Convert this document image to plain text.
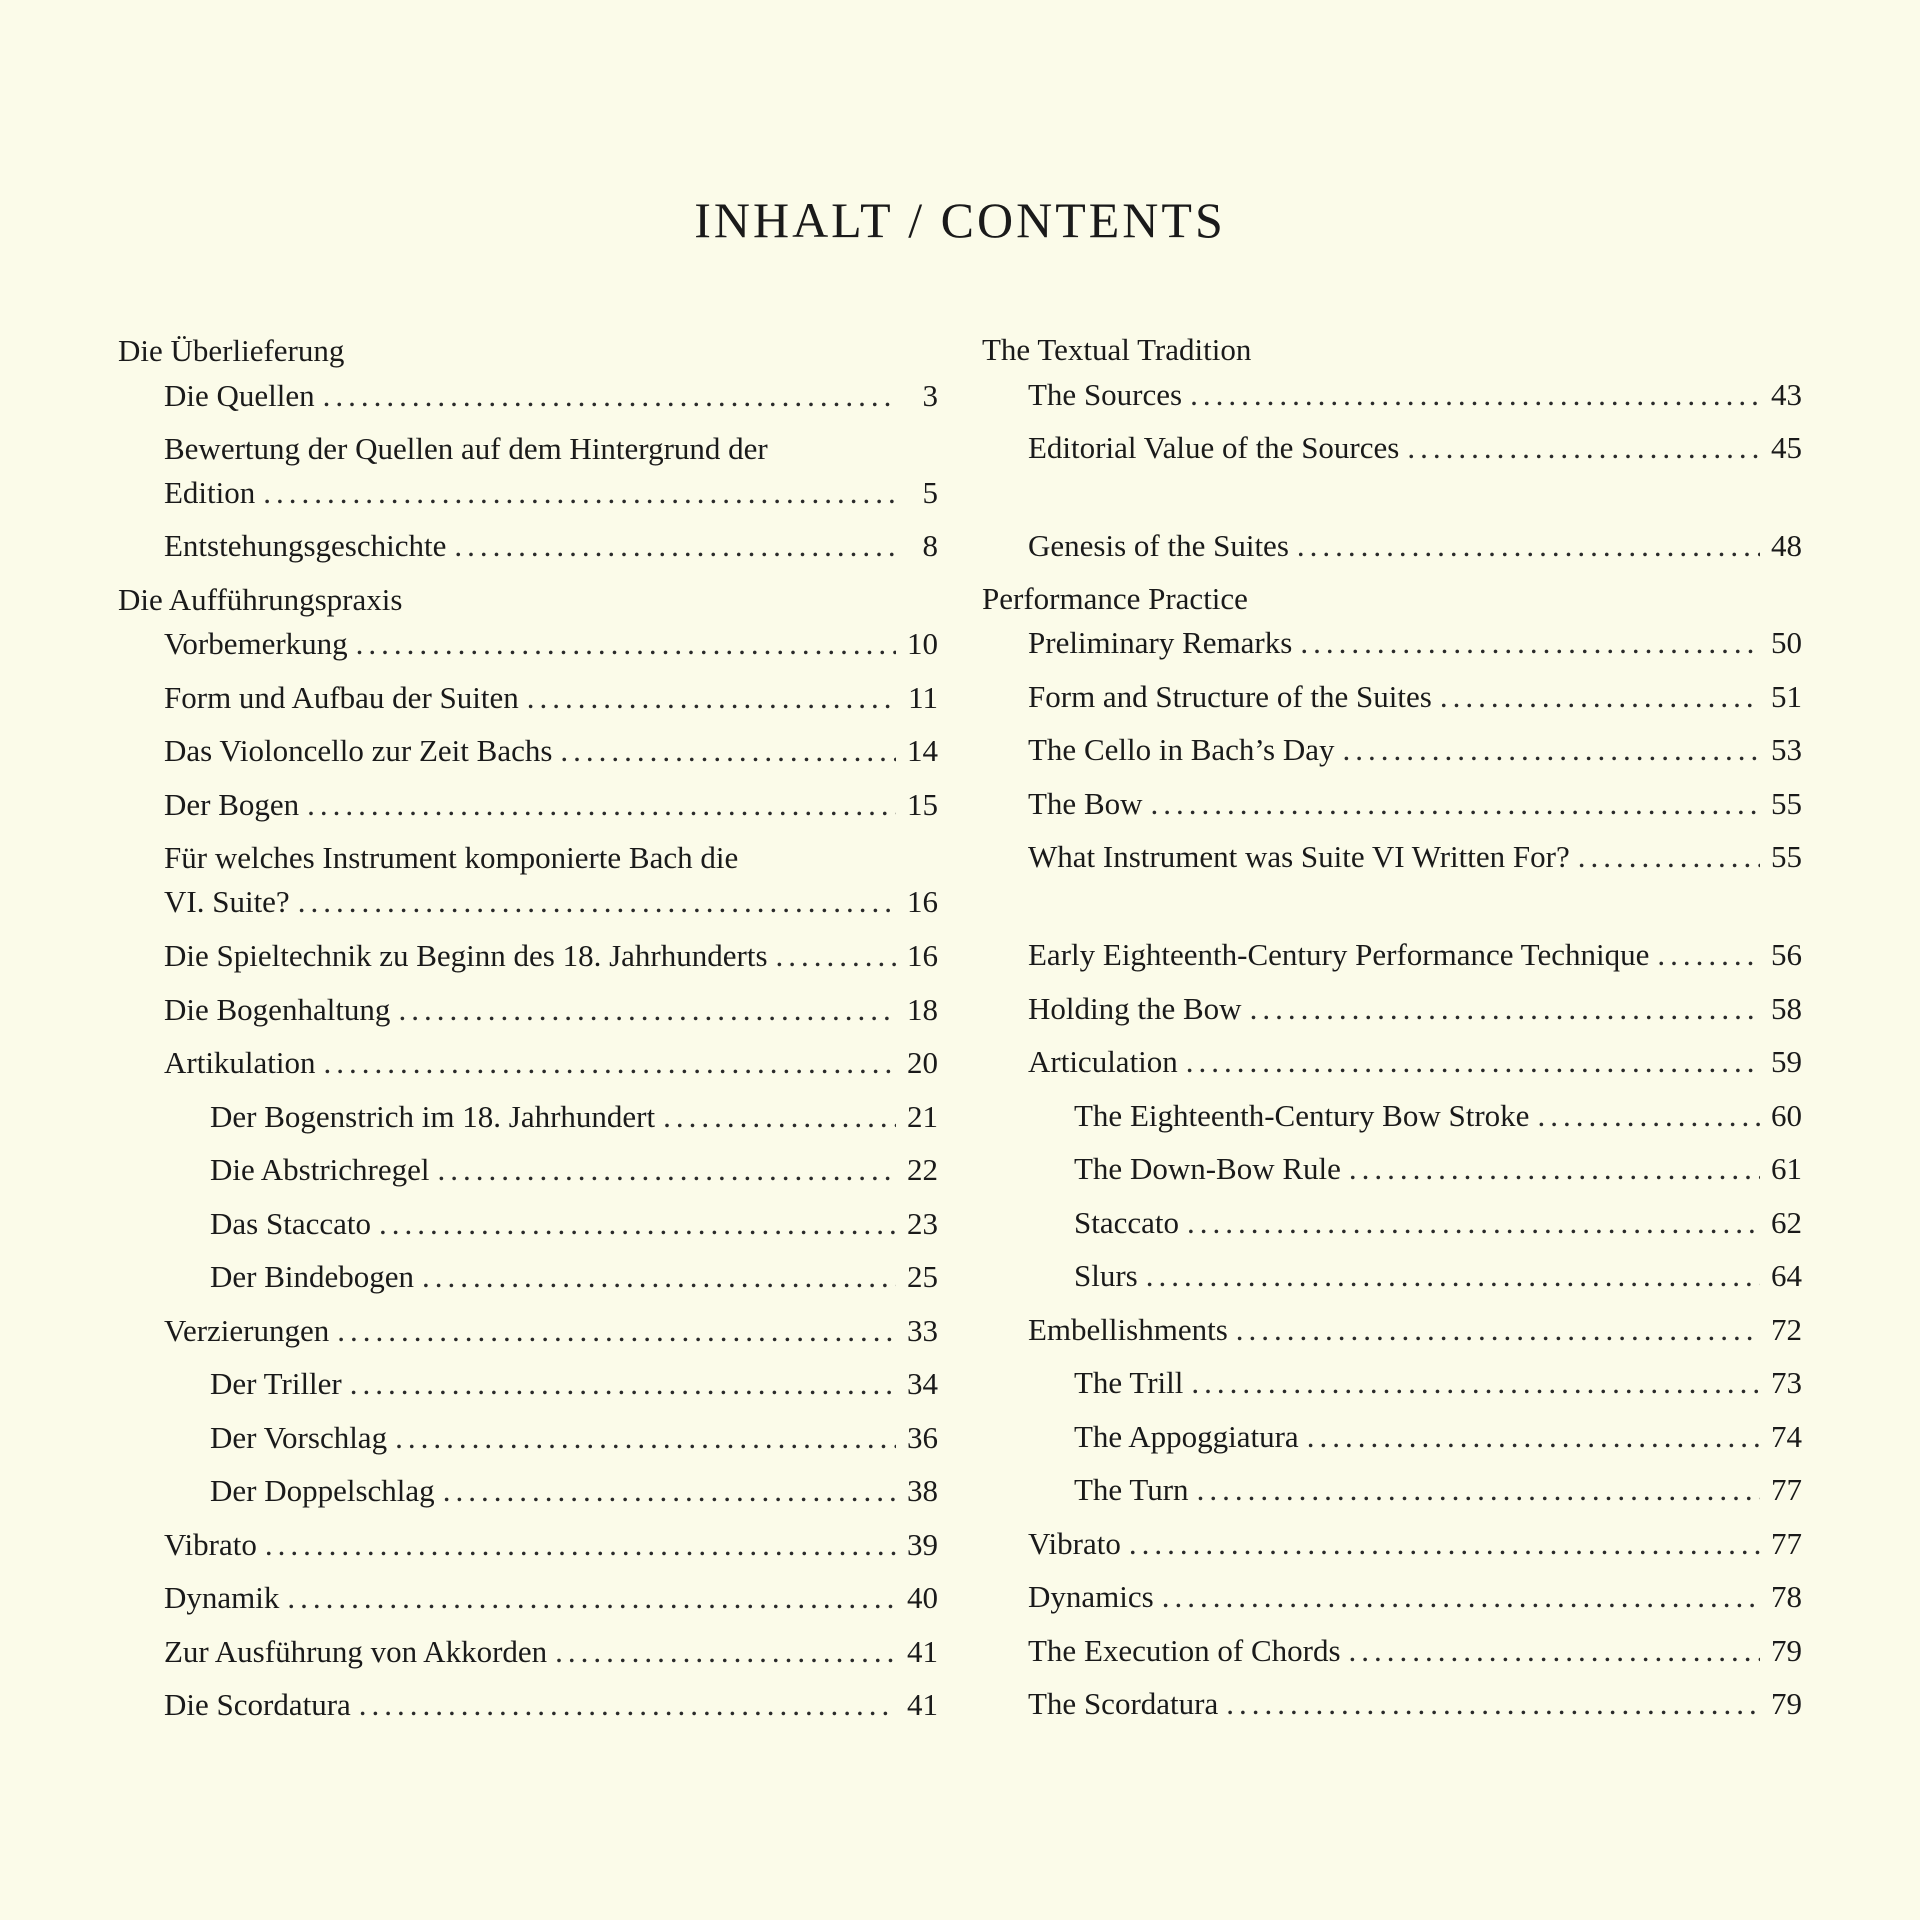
INHALT / CONTENTS
Die Überlieferung
Die Quellen .....	3
Bewertung der Quellen auf dem Hintergrund der
Edition .....	5
Entstehungsgeschichte .....	8
Die Aufführungspraxis
Vorbemerkung .....	10
Form und Aufbau der Suiten .....	11
Das Violoncello zur Zeit Bachs .....	14
Der Bogen .....	15
Für welches Instrument komponierte Bach die
VI. Suite? .....	16
Die Spieltechnik zu Beginn des 18. Jahrhunderts .....	16
Die Bogenhaltung .....	18
Artikulation .....	20
Der Bogenstrich im 18. Jahrhundert .....	21
Die Abstrichregel .....	22
Das Staccato .....	23
Der Bindebogen .....	25
Verzierungen .....	33
Der Triller .....	34
Der Vorschlag .....	36
Der Doppelschlag .....	38
Vibrato .....	39
Dynamik .....	40
Zur Ausführung von Akkorden .....	41
Die Scordatura .....	41
The Textual Tradition
The Sources .....	43
Editorial Value of the Sources .....	45
Genesis of the Suites .....	48
Performance Practice
Preliminary Remarks .....	50
Form and Structure of the Suites .....	51
The Cello in Bach’s Day .....	53
The Bow .....	55
What Instrument was Suite VI Written For? .....	55
Early Eighteenth-Century Performance Technique .....	56
Holding the Bow .....	58
Articulation .....	59
The Eighteenth-Century Bow Stroke .....	60
The Down-Bow Rule .....	61
Staccato .....	62
Slurs .....	64
Embellishments .....	72
The Trill .....	73
The Appoggiatura .....	74
The Turn .....	77
Vibrato .....	77
Dynamics .....	78
The Execution of Chords .....	79
The Scordatura .....	79
